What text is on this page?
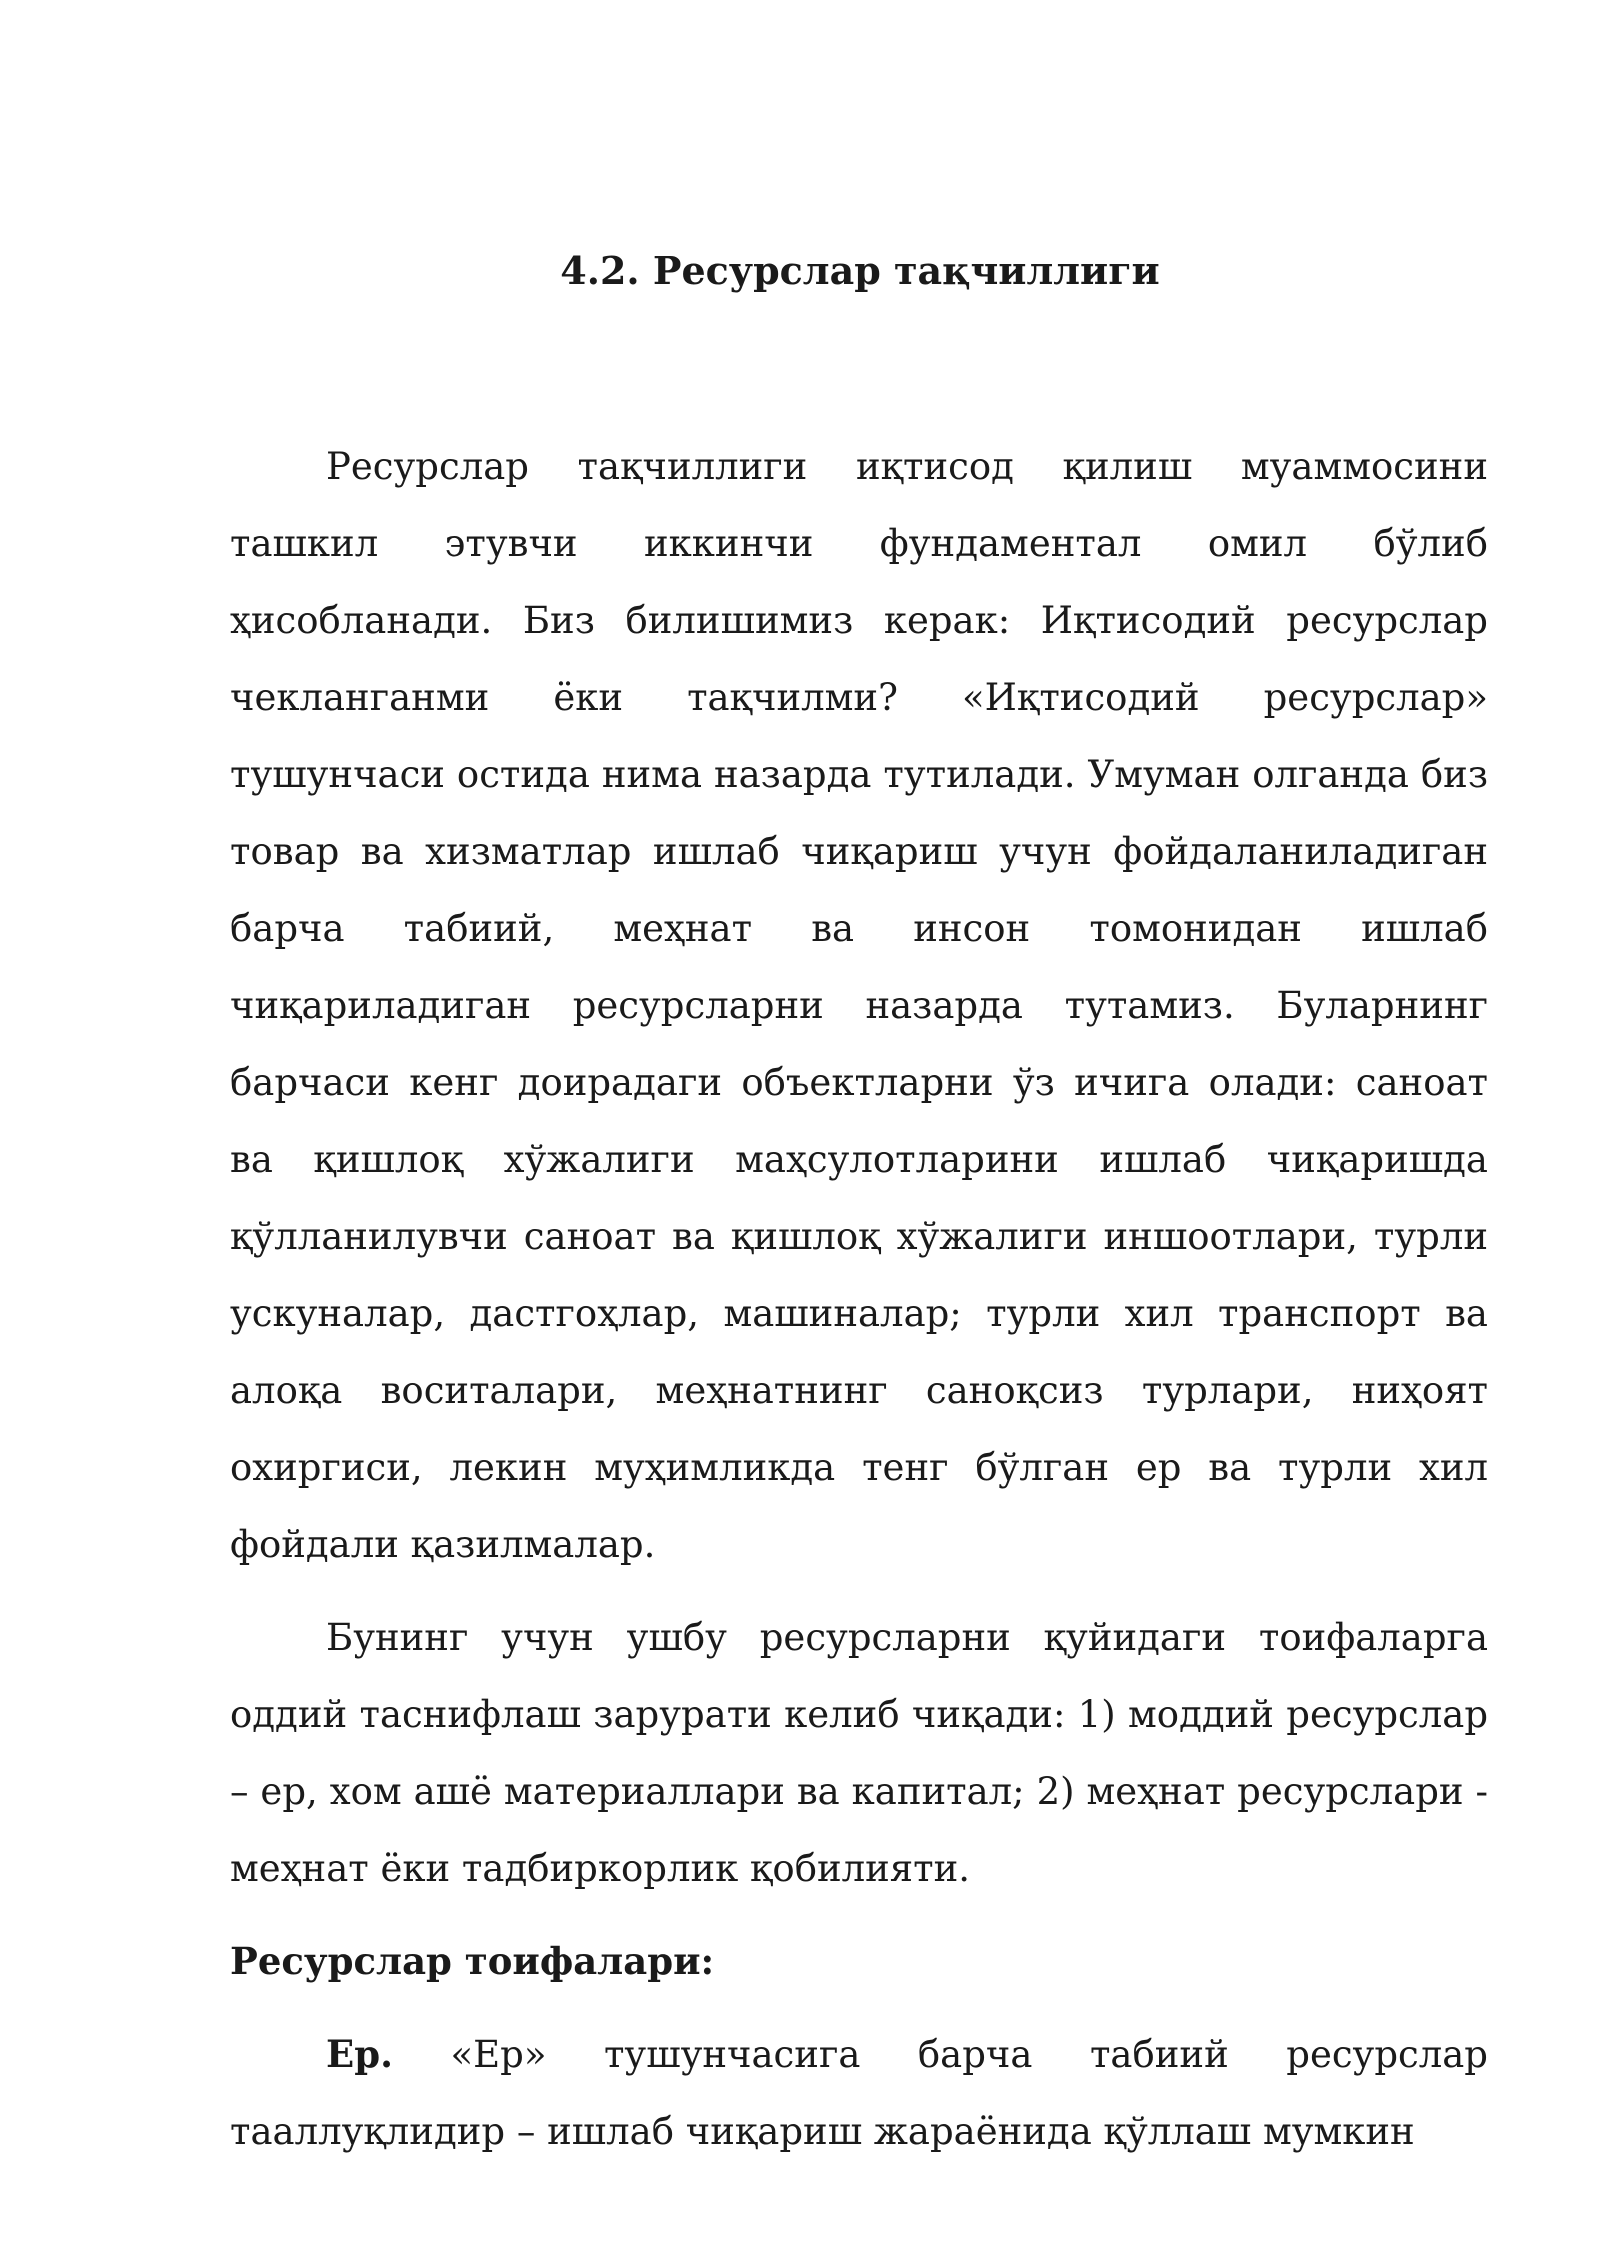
4.2. Ресурслар тақчиллиги

Ресурслар тақчиллиги иқтисод қилиш муаммосини ташкил этувчи иккинчи фундаментал омил бўлиб ҳисобланади. Биз билишимиз керак: Иқтисодий ресурслар чекланганми ёки тақчилми? «Иқтисодий ресурслар» тушунчаси остида нима назарда тутилади. Умуман олганда биз товар ва хизматлар ишлаб чиқариш учун фойдаланиладиган барча табиий, меҳнат ва инсон томонидан ишлаб чиқариладиган ресурсларни назарда тутамиз. Буларнинг барчаси кенг доирадаги объектларни ўз ичига олади: саноат ва қишлоқ хўжалиги маҳсулотларини ишлаб чиқаришда қўлланилувчи саноат ва қишлоқ хўжалиги иншоотлари, турли ускуналар, дастгоҳлар, машиналар; турли хил транспорт ва алоқа воситалари, меҳнатнинг саноқсиз турлари, ниҳоят охиргиси, лекин муҳимликда тенг бўлган ер ва турли хил фойдали қазилмалар.

Бунинг учун ушбу ресурсларни қуйидаги тоифаларга оддий таснифлаш зарурати келиб чиқади: 1) моддий ресурслар – ер, хом ашё материаллари ва капитал; 2) меҳнат ресурслари - меҳнат ёки тадбиркорлик қобилияти.

Ресурслар тоифалари:

Ер. «Ер» тушунчасига барча табиий ресурслар тааллуқлидир – ишлаб чиқариш жараёнида қўллаш мумкин
